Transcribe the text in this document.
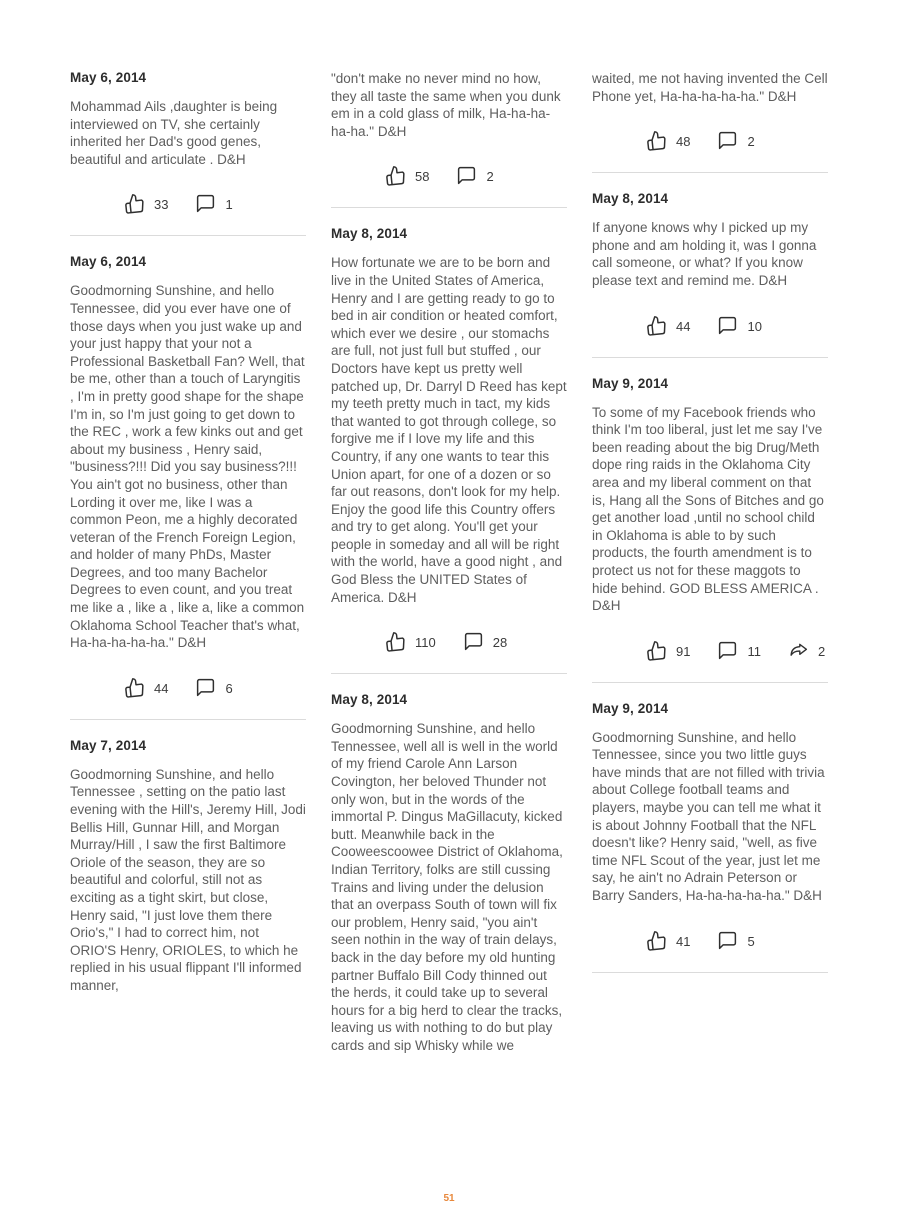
May 6, 2014

Mohammad Ails ,daughter is being interviewed on TV, she certainly inherited her Dad's good genes, beautiful and articulate . D&H

33	1
May 6, 2014

Goodmorning Sunshine, and hello Tennessee, did you ever have one of those days when you just wake up and your just happy that your not a Professional Basketball Fan? Well, that be me, other than a touch of Laryngitis , I'm in pretty good shape for the shape I'm in, so I'm just going to get down to the REC , work a few kinks out and get about my business , Henry said, "business?!!! Did you say business?!!! You ain't got no business, other than Lording it over me, like I was a common Peon, me a highly decorated veteran of the French Foreign Legion, and holder of many PhDs, Master Degrees, and too many Bachelor Degrees to even count, and you treat me like a , like a , like a, like a common Oklahoma School Teacher that's what, Ha-ha-ha-ha-ha." D&H

44	6
May 7, 2014

Goodmorning Sunshine, and hello Tennessee , setting on the patio last evening with the Hill's, Jeremy Hill, Jodi Bellis Hill, Gunnar Hill, and Morgan Murray/Hill , I saw the first Baltimore Oriole of the season, they are so beautiful and colorful, still not as exciting as a tight skirt, but close, Henry said, "I just love them there Orio's," I had to correct him, not ORIO'S Henry, ORIOLES, to which he replied in his usual flippant I'll informed manner,

"don't make no never mind no how, they all taste the same when you dunk em in a cold glass of milk, Ha-ha-ha-ha-ha." D&H

58	2
May 8, 2014

How fortunate we are to be born and live in the United States of America, Henry and I are getting ready to go to bed in air condition or heated comfort, which ever we desire , our stomachs are full, not just full but stuffed , our Doctors have kept us pretty well patched up, Dr. Darryl D Reed has kept my teeth pretty much in tact, my kids that wanted to got through college, so forgive me if I love my life and this Country, if any one wants to tear this Union apart, for one of a dozen or so far out reasons, don't look for my help. Enjoy the good life this Country offers and try to get along. You'll get your people in someday and all will be right with the world, have a good night , and God Bless the UNITED States of America. D&H

110	28
May 8, 2014

Goodmorning Sunshine, and hello Tennessee, well all is well in the world of my friend Carole Ann Larson Covington, her beloved Thunder not only won, but in the words of the immortal P. Dingus MaGillacuty, kicked butt. Meanwhile back in the Cooweescoowee District of Oklahoma, Indian Territory, folks are still cussing Trains and living under the delusion that an overpass South of town will fix our problem, Henry said, "you ain't seen nothin in the way of train delays, back in the day before my old hunting partner Buffalo Bill Cody thinned out the herds, it could take up to several hours for a big herd to clear the tracks, leaving us with nothing to do but play cards and sip Whisky while we

waited, me not having invented the Cell Phone yet, Ha-ha-ha-ha-ha." D&H

48	2
May 8, 2014

If anyone knows why I picked up my phone and am holding it, was I gonna call someone, or what? If you know please text and remind me. D&H

44	10
May 9, 2014

To some of my Facebook friends who think I'm too liberal, just let me say I've been reading about the big Drug/Meth dope ring raids in the Oklahoma City area and my liberal comment on that is, Hang all the Sons of Bitches and go get another load ,until no school child in Oklahoma is able to by such products, the fourth amendment is to protect us not for these maggots to hide behind. GOD BLESS AMERICA . D&H

91	11	2
May 9, 2014

Goodmorning Sunshine, and hello Tennessee, since you two little guys have minds that are not filled with trivia about College football teams and players, maybe you can tell me what it is about Johnny Football that the NFL doesn't like? Henry said, "well, as five time NFL Scout of the year, just let me say, he ain't no Adrain Peterson or Barry Sanders, Ha-ha-ha-ha-ha." D&H

41	5
51
